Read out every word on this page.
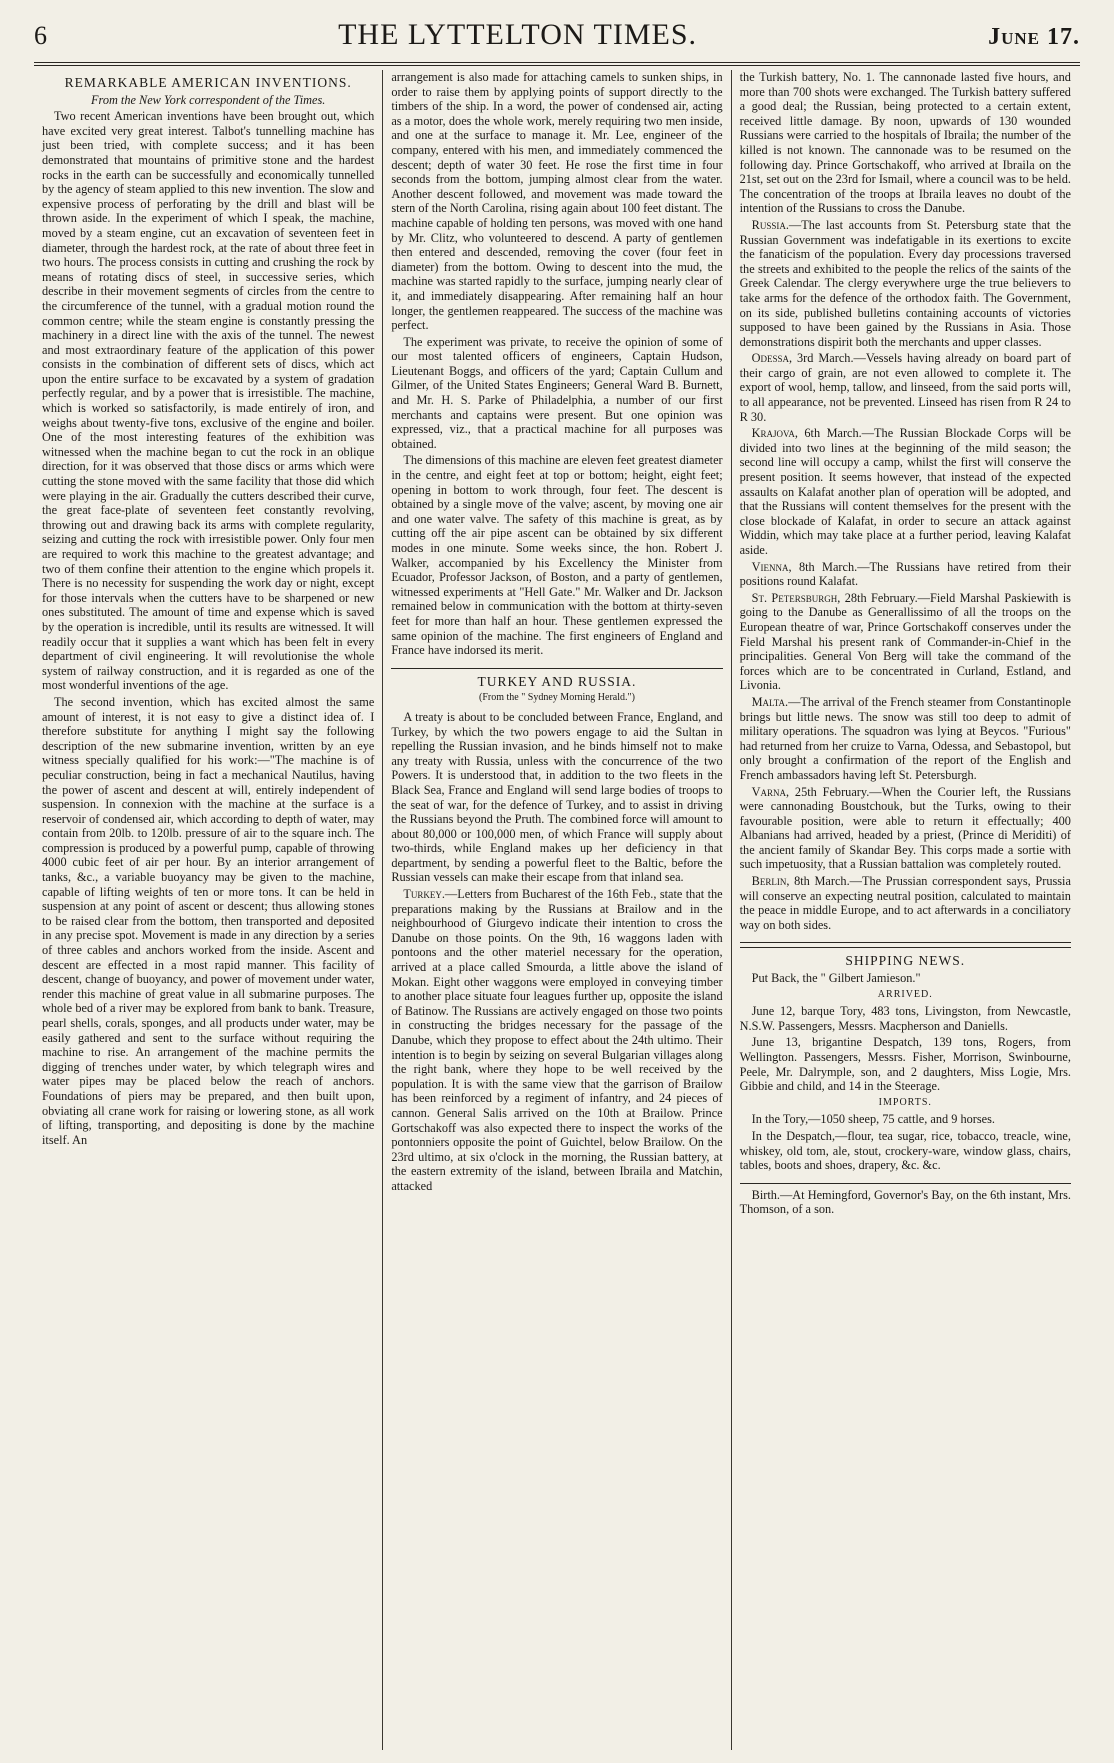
6	THE LYTTELTON TIMES.	June 17.
REMARKABLE AMERICAN INVENTIONS.
From the New York correspondent of the Times.

Two recent American inventions have been brought out, which have excited very great interest. Talbot's tunnelling machine has just been tried, with complete success; and it has been demonstrated that mountains of primitive stone and the hardest rocks in the earth can be successfully and economically tunnelled by the agency of steam applied to this new invention. The slow and expensive process of perforating by the drill and blast will be thrown aside. In the experiment of which I speak, the machine, moved by a steam engine, cut an excavation of seventeen feet in diameter, through the hardest rock, at the rate of about three feet in two hours. The process consists in cutting and crushing the rock by means of rotating discs of steel, in successive series, which describe in their movement segments of circles from the centre to the circumference of the tunnel, with a gradual motion round the common centre; while the steam engine is constantly pressing the machinery in a direct line with the axis of the tunnel. The newest and most extraordinary feature of the application of this power consists in the combination of different sets of discs, which act upon the entire surface to be excavated by a system of gradation perfectly regular, and by a power that is irresistible. The machine, which is worked so satisfactorily, is made entirely of iron, and weighs about twenty-five tons, exclusive of the engine and boiler. One of the most interesting features of the exhibition was witnessed when the machine began to cut the rock in an oblique direction, for it was observed that those discs or arms which were cutting the stone moved with the same facility that those did which were playing in the air. Gradually the cutters described their curve, the great face-plate of seventeen feet constantly revolving, throwing out and drawing back its arms with complete regularity, seizing and cutting the rock with irresistible power. Only four men are required to work this machine to the greatest advantage; and two of them confine their attention to the engine which propels it. There is no necessity for suspending the work day or night, except for those intervals when the cutters have to be sharpened or new ones substituted. The amount of time and expense which is saved by the operation is incredible, until its results are witnessed. It will readily occur that it supplies a want which has been felt in every department of civil engineering. It will revolutionise the whole system of railway construction, and it is regarded as one of the most wonderful inventions of the age.

The second invention, which has excited almost the same amount of interest, it is not easy to give a distinct idea of. I therefore substitute for anything I might say the following description of the new submarine invention, written by an eye witness specially qualified for his work:—"The machine is of peculiar construction, being in fact a mechanical Nautilus, having the power of ascent and descent at will, entirely independent of suspension. In connexion with the machine at the surface is a reservoir of condensed air, which according to depth of water, may contain from 20lb. to 120lb. pressure of air to the square inch. The compression is produced by a powerful pump, capable of throwing 4000 cubic feet of air per hour. By an interior arrangement of tanks, &c., a variable buoyancy may be given to the machine, capable of lifting weights of ten or more tons. It can be held in suspension at any point of ascent or descent; thus allowing stones to be raised clear from the bottom, then transported and deposited in any precise spot. Movement is made in any direction by a series of three cables and anchors worked from the inside. Ascent and descent are effected in a most rapid manner. This facility of descent, change of buoyancy, and power of movement under water, render this machine of great value in all submarine purposes. The whole bed of a river may be explored from bank to bank. Treasure, pearl shells, corals, sponges, and all products under water, may be easily gathered and sent to the surface without requiring the machine to rise. An arrangement of the machine permits the digging of trenches under water, by which telegraph wires and water pipes may be placed below the reach of anchors. Foundations of piers may be prepared, and then built upon, obviating all crane work for raising or lowering stone, as all work of lifting, transporting, and depositing is done by the machine itself. An

arrangement is also made for attaching camels to sunken ships, in order to raise them by applying points of support directly to the timbers of the ship. In a word, the power of condensed air, acting as a motor, does the whole work, merely requiring two men inside, and one at the surface to manage it. Mr. Lee, engineer of the company, entered with his men, and immediately commenced the descent; depth of water 30 feet. He rose the first time in four seconds from the bottom, jumping almost clear from the water. Another descent followed, and movement was made toward the stern of the North Carolina, rising again about 100 feet distant. The machine capable of holding ten persons, was moved with one hand by Mr. Clitz, who volunteered to descend. A party of gentlemen then entered and descended, removing the cover (four feet in diameter) from the bottom. Owing to descent into the mud, the machine was started rapidly to the surface, jumping nearly clear of it, and immediately disappearing. After remaining half an hour longer, the gentlemen reappeared. The success of the machine was perfect.

The experiment was private, to receive the opinion of some of our most talented officers of engineers, Captain Hudson, Lieutenant Boggs, and officers of the yard; Captain Cullum and Gilmer, of the United States Engineers; General Ward B. Burnett, and Mr. H. S. Parke of Philadelphia, a number of our first merchants and captains were present. But one opinion was expressed, viz., that a practical machine for all purposes was obtained.

The dimensions of this machine are eleven feet greatest diameter in the centre, and eight feet at top or bottom; height, eight feet; opening in bottom to work through, four feet. The descent is obtained by a single move of the valve; ascent, by moving one air and one water valve. The safety of this machine is great, as by cutting off the air pipe ascent can be obtained by six different modes in one minute. Some weeks since, the hon. Robert J. Walker, accompanied by his Excellency the Minister from Ecuador, Professor Jackson, of Boston, and a party of gentlemen, witnessed experiments at "Hell Gate." Mr. Walker and Dr. Jackson remained below in communication with the bottom at thirty-seven feet for more than half an hour. These gentlemen expressed the same opinion of the machine. The first engineers of England and France have indorsed its merit.

TURKEY AND RUSSIA.
(From the " Sydney Morning Herald.")

A treaty is about to be concluded between France, England, and Turkey, by which the two powers engage to aid the Sultan in repelling the Russian invasion, and he binds himself not to make any treaty with Russia, unless with the concurrence of the two Powers. It is understood that, in addition to the two fleets in the Black Sea, France and England will send large bodies of troops to the seat of war, for the defence of Turkey, and to assist in driving the Russians beyond the Pruth. The combined force will amount to about 80,000 or 100,000 men, of which France will supply about two-thirds, while England makes up her deficiency in that department, by sending a powerful fleet to the Baltic, before the Russian vessels can make their escape from that inland sea.

Turkey.—Letters from Bucharest of the 16th Feb., state that the preparations making by the Russians at Brailow and in the neighbourhood of Giurgevo indicate their intention to cross the Danube on those points. On the 9th, 16 waggons laden with pontoons and the other materiel necessary for the operation, arrived at a place called Smourda, a little above the island of Mokan. Eight other waggons were employed in conveying timber to another place situate four leagues further up, opposite the island of Batinow. The Russians are actively engaged on those two points in constructing the bridges necessary for the passage of the Danube, which they propose to effect about the 24th ultimo. Their intention is to begin by seizing on several Bulgarian villages along the right bank, where they hope to be well received by the population. It is with the same view that the garrison of Brailow has been reinforced by a regiment of infantry, and 24 pieces of cannon. General Salis arrived on the 10th at Brailow. Prince Gortschakoff was also expected there to inspect the works of the pontonniers opposite the point of Guichtel, below Brailow. On the 23rd ultimo, at six o'clock in the morning, the Russian battery, at the eastern extremity of the island, between Ibraila and Matchin, attacked

the Turkish battery, No. 1. The cannonade lasted five hours, and more than 700 shots were exchanged. The Turkish battery suffered a good deal; the Russian, being protected to a certain extent, received little damage. By noon, upwards of 130 wounded Russians were carried to the hospitals of Ibraila; the number of the killed is not known. The cannonade was to be resumed on the following day. Prince Gortschakoff, who arrived at Ibraila on the 21st, set out on the 23rd for Ismail, where a council was to be held. The concentration of the troops at Ibraila leaves no doubt of the intention of the Russians to cross the Danube.

Russia.—The last accounts from St. Petersburg state that the Russian Government was indefatigable in its exertions to excite the fanaticism of the population. Every day processions traversed the streets and exhibited to the people the relics of the saints of the Greek Calendar. The clergy everywhere urge the true believers to take arms for the defence of the orthodox faith. The Government, on its side, published bulletins containing accounts of victories supposed to have been gained by the Russians in Asia. Those demonstrations dispirit both the merchants and upper classes.

Odessa, 3rd March.—Vessels having already on board part of their cargo of grain, are not even allowed to complete it. The export of wool, hemp, tallow, and linseed, from the said ports will, to all appearance, not be prevented. Linseed has risen from R 24 to R 30.

Krajova, 6th March.—The Russian Blockade Corps will be divided into two lines at the beginning of the mild season; the second line will occupy a camp, whilst the first will conserve the present position. It seems however, that instead of the expected assaults on Kalafat another plan of operation will be adopted, and that the Russians will content themselves for the present with the close blockade of Kalafat, in order to secure an attack against Widdin, which may take place at a further period, leaving Kalafat aside.

Vienna, 8th March.—The Russians have retired from their positions round Kalafat.

St. Petersburgh, 28th February.—Field Marshal Paskiewith is going to the Danube as Generallissimo of all the troops on the European theatre of war, Prince Gortschakoff conserves under the Field Marshal his present rank of Commander-in-Chief in the principalities. General Von Berg will take the command of the forces which are to be concentrated in Curland, Estland, and Livonia.

Malta.—The arrival of the French steamer from Constantinople brings but little news. The snow was still too deep to admit of military operations. The squadron was lying at Beycos. "Furious" had returned from her cruize to Varna, Odessa, and Sebastopol, but only brought a confirmation of the report of the English and French ambassadors having left St. Petersburgh.

Varna, 25th February.—When the Courier left, the Russians were cannonading Boustchouk, but the Turks, owing to their favourable position, were able to return it effectually; 400 Albanians had arrived, headed by a priest, (Prince di Meriditi) of the ancient family of Skandar Bey. This corps made a sortie with such impetuosity, that a Russian battalion was completely routed.

Berlin, 8th March.—The Prussian correspondent says, Prussia will conserve an expecting neutral position, calculated to maintain the peace in middle Europe, and to act afterwards in a conciliatory way on both sides.

SHIPPING NEWS.

Put Back, the " Gilbert Jamieson."

ARRIVED.

June 12, barque Tory, 483 tons, Livingston, from Newcastle, N.S.W. Passengers, Messrs. Macpherson and Daniells.

June 13, brigantine Despatch, 139 tons, Rogers, from Wellington. Passengers, Messrs. Fisher, Morrison, Swinbourne, Peele, Mr. Dalrymple, son, and 2 daughters, Miss Logie, Mrs. Gibbie and child, and 14 in the Steerage.

IMPORTS.

In the Tory,—1050 sheep, 75 cattle, and 9 horses.

In the Despatch,—flour, tea sugar, rice, tobacco, treacle, wine, whiskey, old tom, ale, stout, crockery-ware, window glass, chairs, tables, boots and shoes, drapery, &c. &c.

Birth.—At Hemingford, Governor's Bay, on the 6th instant, Mrs. Thomson, of a son.
